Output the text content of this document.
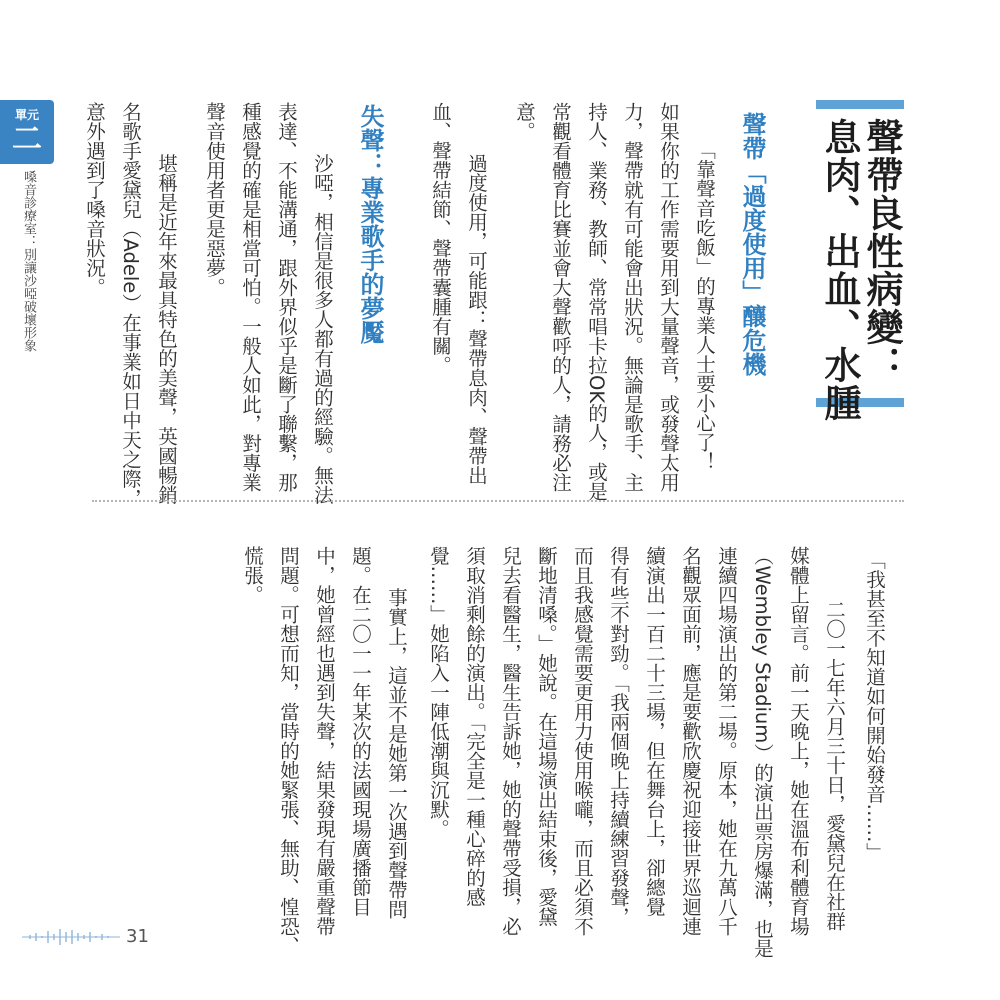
單元
二
嗓音診療室：別讓沙啞破壞形象	聲帶良性病變：
息肉、出血、水腫
聲帶「過度使用」釀危機
「靠聲音吃飯」的專業人士要小心了！
如果你的工作需要用到大量聲音，或發聲太用
力，聲帶就有可能會出狀況。無論是歌手、主
持人、業務、教師、常常唱卡拉OK的人，或是
常觀看體育比賽並會大聲歡呼的人，請務必注
意。
　過度使用，可能跟：聲帶息肉、聲帶出
血、聲帶結節、聲帶囊腫有關。
失聲：專業歌手的夢魘
　沙啞，相信是很多人都有過的經驗。無法
表達、不能溝通，跟外界似乎是斷了聯繫，那
種感覺的確是相當可怕。一般人如此，對專業
聲音使用者更是惡夢。
　堪稱是近年來最具特色的美聲，英國暢銷
名歌手愛黛兒（Adele）在事業如日中天之際，
意外遇到了嗓音狀況。
「我甚至不知道如何開始發音……」
　二〇一七年六月三十日，愛黛兒在社群
媒體上留言。前一天晚上，她在溫布利體育場
（Wembley Stadium）的演出票房爆滿，也是
連續四場演出的第二場。原本，她在九萬八千
名觀眾面前，應是要歡欣慶祝迎接世界巡迴連
續演出一百二十三場，但在舞台上，卻總覺
得有些不對勁。「我兩個晚上持續練習發聲，
而且我感覺需要更用力使用喉嚨，而且必須不
斷地清嗓。」她說。在這場演出結束後，愛黛
兒去看醫生，醫生告訴她，她的聲帶受損，必
須取消剩餘的演出。「完全是一種心碎的感
覺……」她陷入一陣低潮與沉默。
　事實上，這並不是她第一次遇到聲帶問
題。在二〇一一年某次的法國現場廣播節目
中，她曾經也遇到失聲，結果發現有嚴重聲帶
問題。可想而知，當時的她緊張、無助、惶恐、
慌張。
31
